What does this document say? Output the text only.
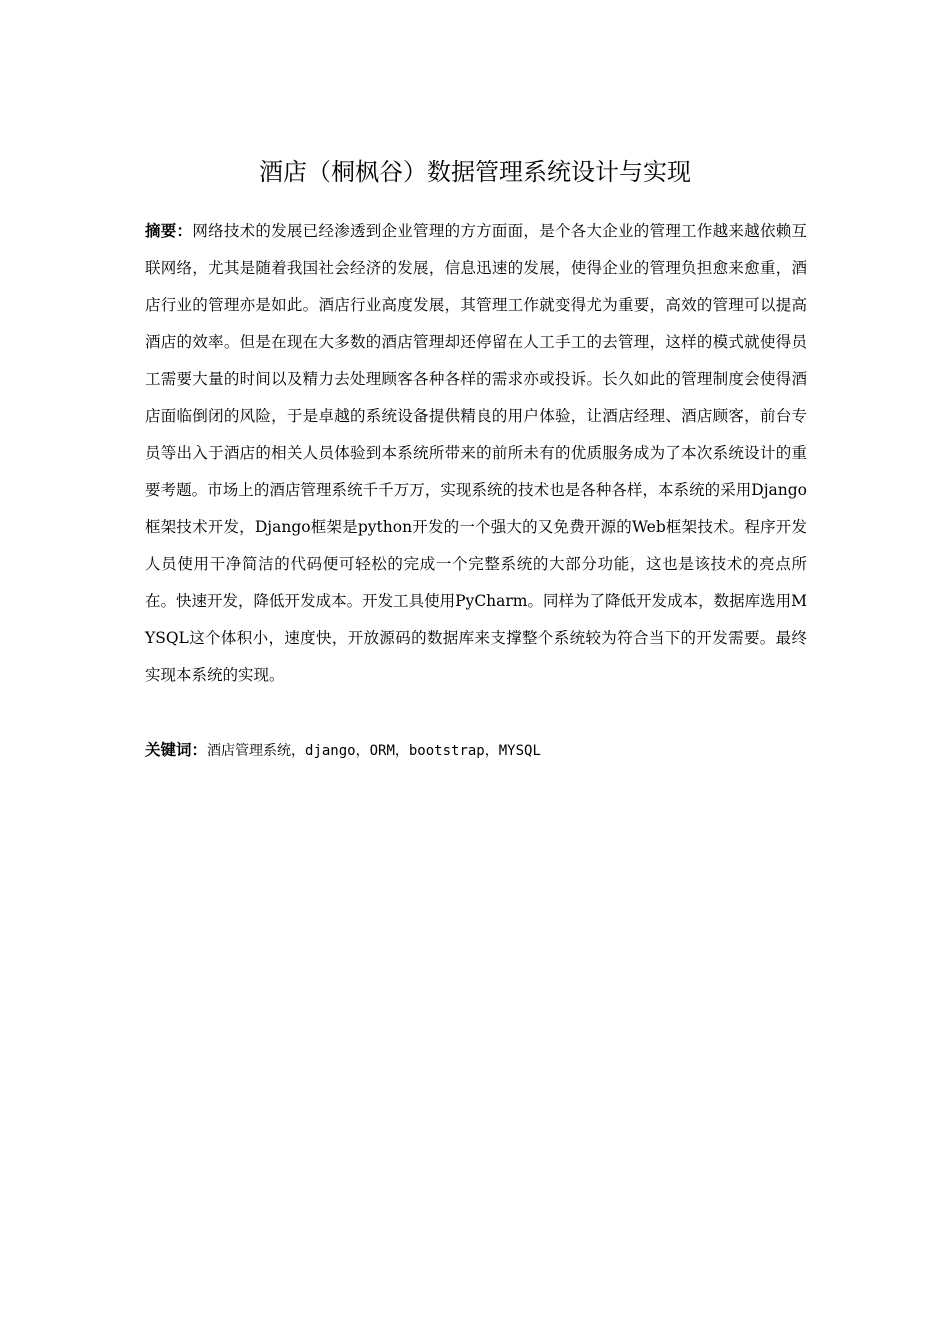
酒店（桐枫谷）数据管理系统设计与实现

摘要：网络技术的发展已经渗透到企业管理的方方面面，是个各大企业的管理工作越来越依赖互联网络，尤其是随着我国社会经济的发展，信息迅速的发展，使得企业的管理负担愈来愈重，酒店行业的管理亦是如此。酒店行业高度发展，其管理工作就变得尤为重要，高效的管理可以提高酒店的效率。但是在现在大多数的酒店管理却还停留在人工手工的去管理，这样的模式就使得员工需要大量的时间以及精力去处理顾客各种各样的需求亦或投诉。长久如此的管理制度会使得酒店面临倒闭的风险，于是卓越的系统设备提供精良的用户体验，让酒店经理、酒店顾客，前台专员等出入于酒店的相关人员体验到本系统所带来的前所未有的优质服务成为了本次系统设计的重要考题。市场上的酒店管理系统千千万万，实现系统的技术也是各种各样，本系统的采用Django框架技术开发，Django框架是python开发的一个强大的又免费开源的Web框架技术。程序开发人员使用干净简洁的代码便可轻松的完成一个完整系统的大部分功能，这也是该技术的亮点所在。快速开发，降低开发成本。开发工具使用PyCharm。同样为了降低开发成本，数据库选用MYSQL这个体积小，速度快，开放源码的数据库来支撑整个系统较为符合当下的开发需要。最终实现本系统的实现。

关键词：酒店管理系统，django，ORM，bootstrap，MYSQL
